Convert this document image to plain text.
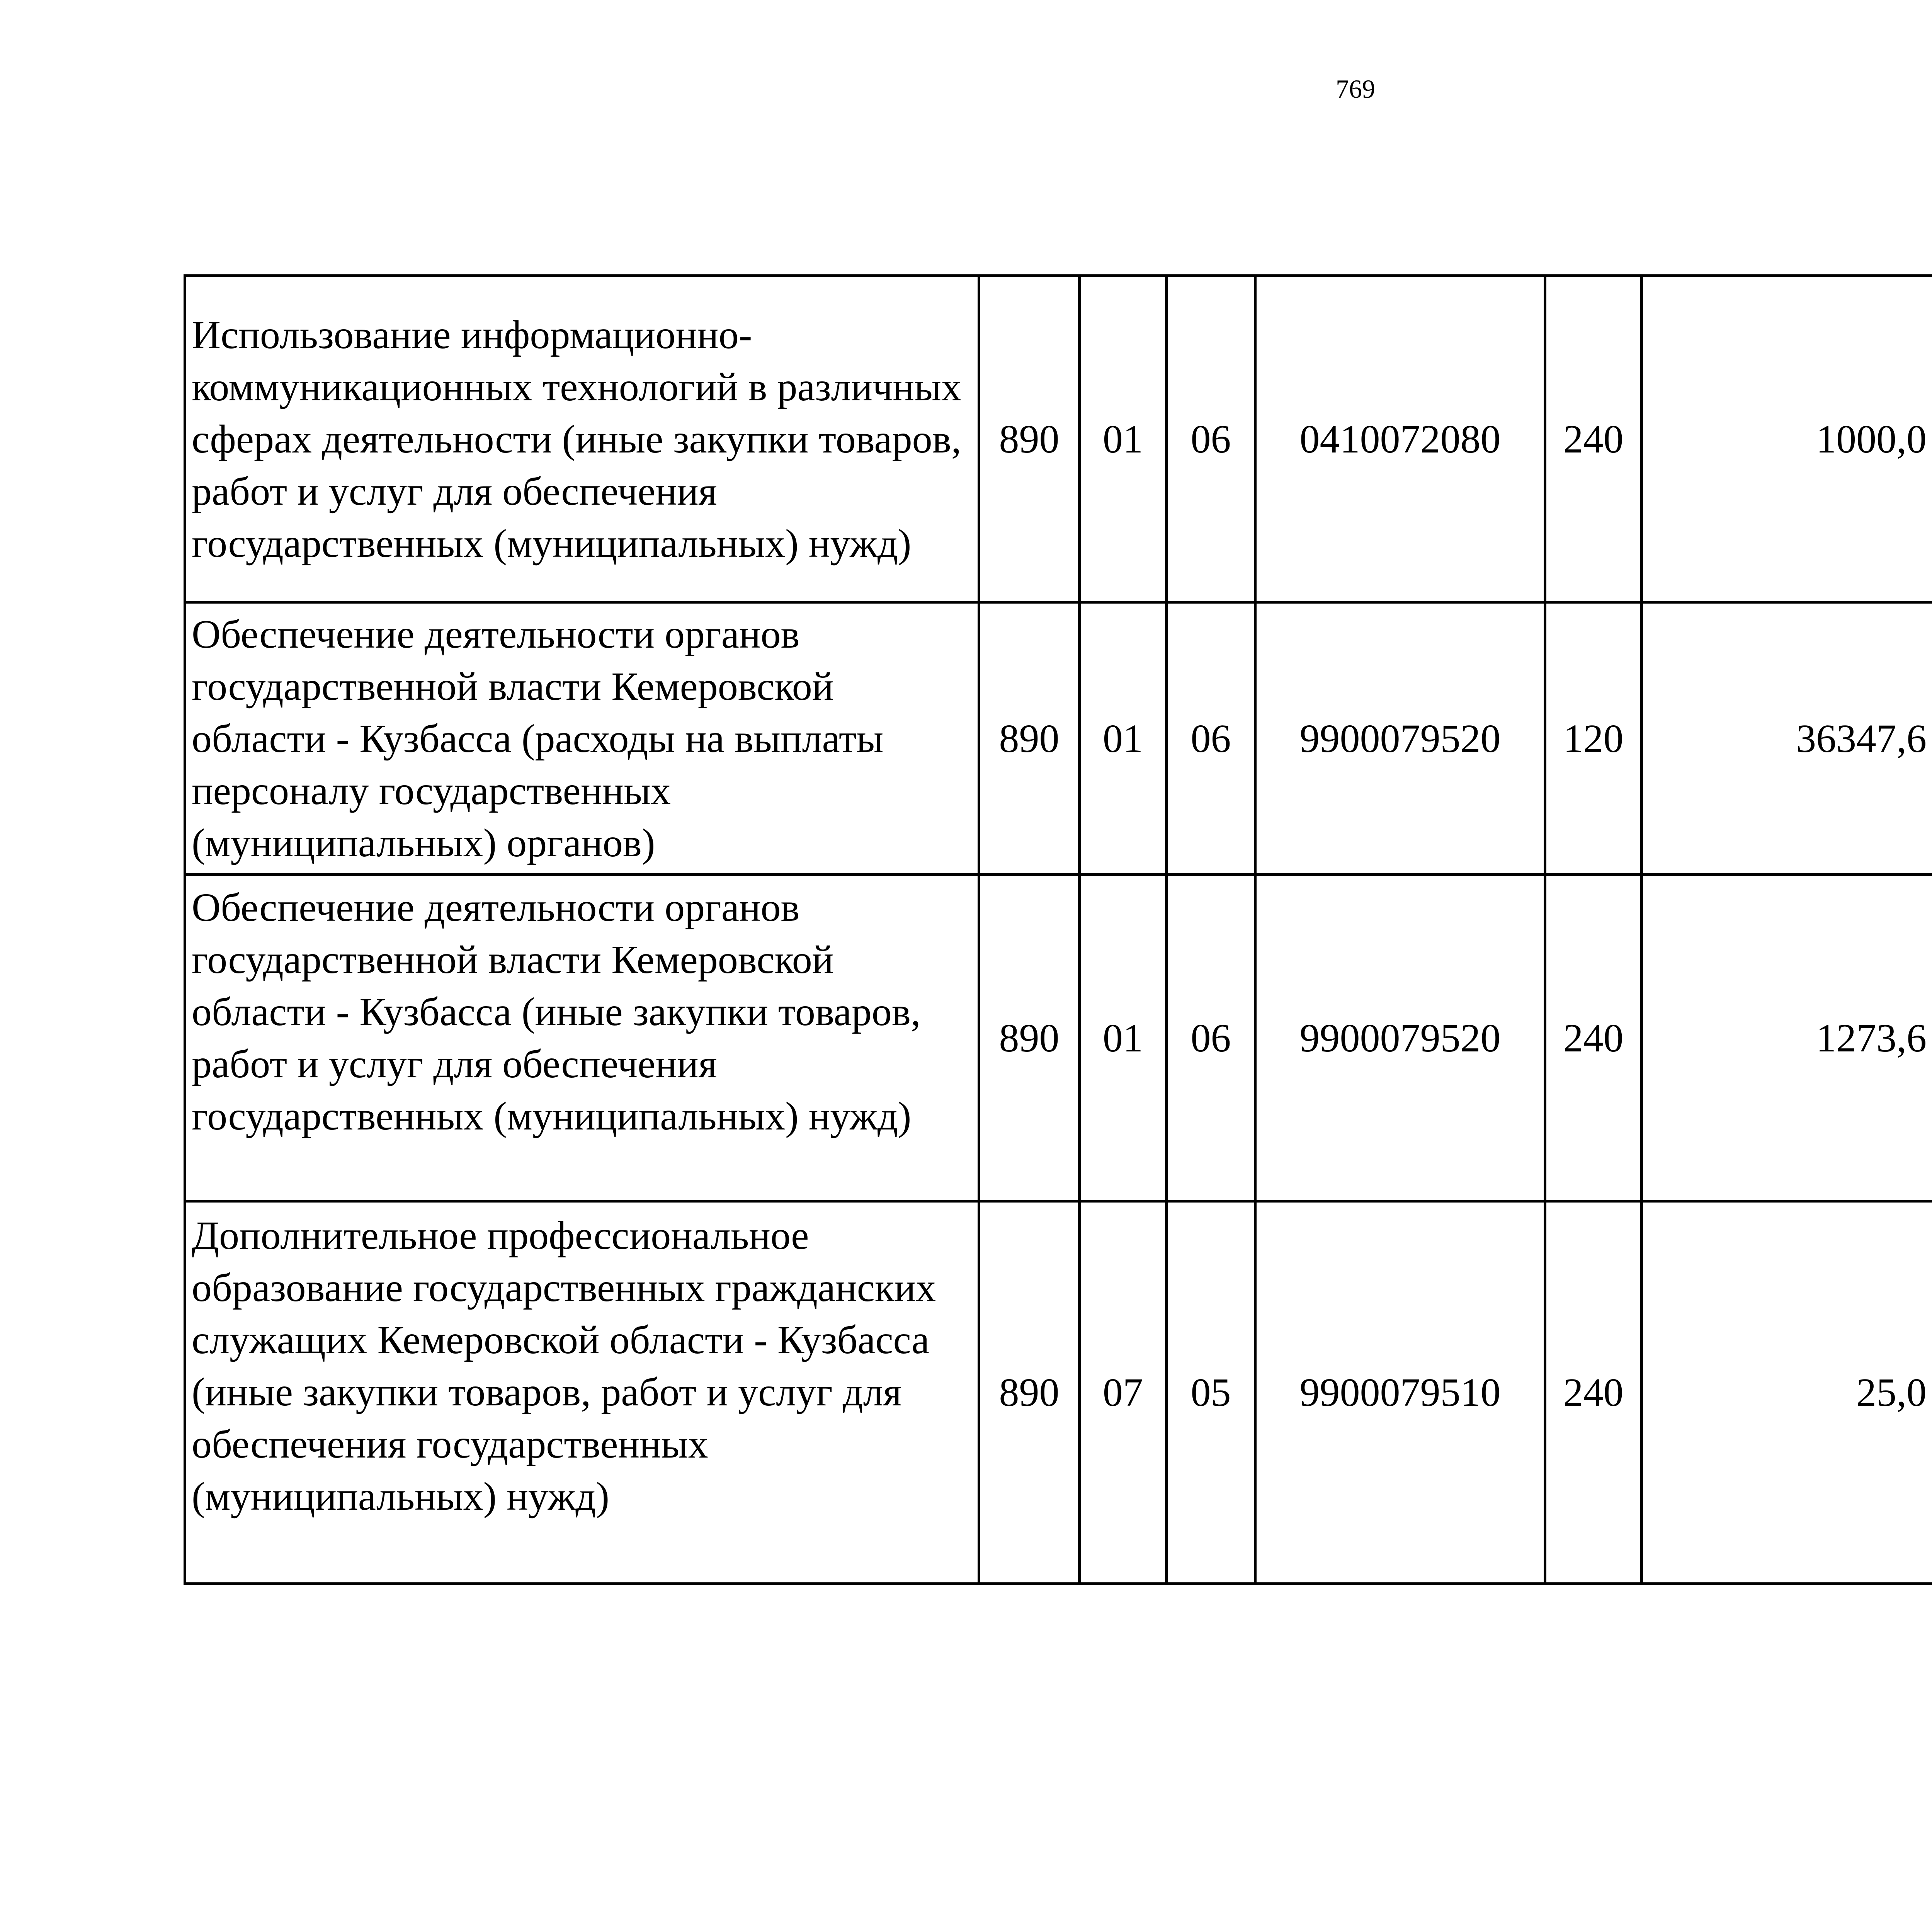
769
Использование информационно-коммуникационных технологий в различных сферах деятельности (иные закупки товаров, работ и услуг для обеспечения государственных (муниципальных) нужд)	890	01	06	0410072080	240	1000,0		
Обеспечение деятельности органов государственной власти Кемеровской области - Кузбасса (расходы на выплаты персоналу государственных (муниципальных) органов)	890	01	06	9900079520	120	36347,6		
Обеспечение деятельности органов государственной власти Кемеровской области - Кузбасса (иные закупки товаров, работ и услуг для обеспечения государственных (муниципальных) нужд)	890	01	06	9900079520	240	1273,6		
Дополнительное профессиональное образование государственных гражданских служащих Кемеровской области - Кузбасса (иные закупки товаров, работ и услуг для обеспечения государственных (муниципальных) нужд)	890	07	05	9900079510	240	25,0		
